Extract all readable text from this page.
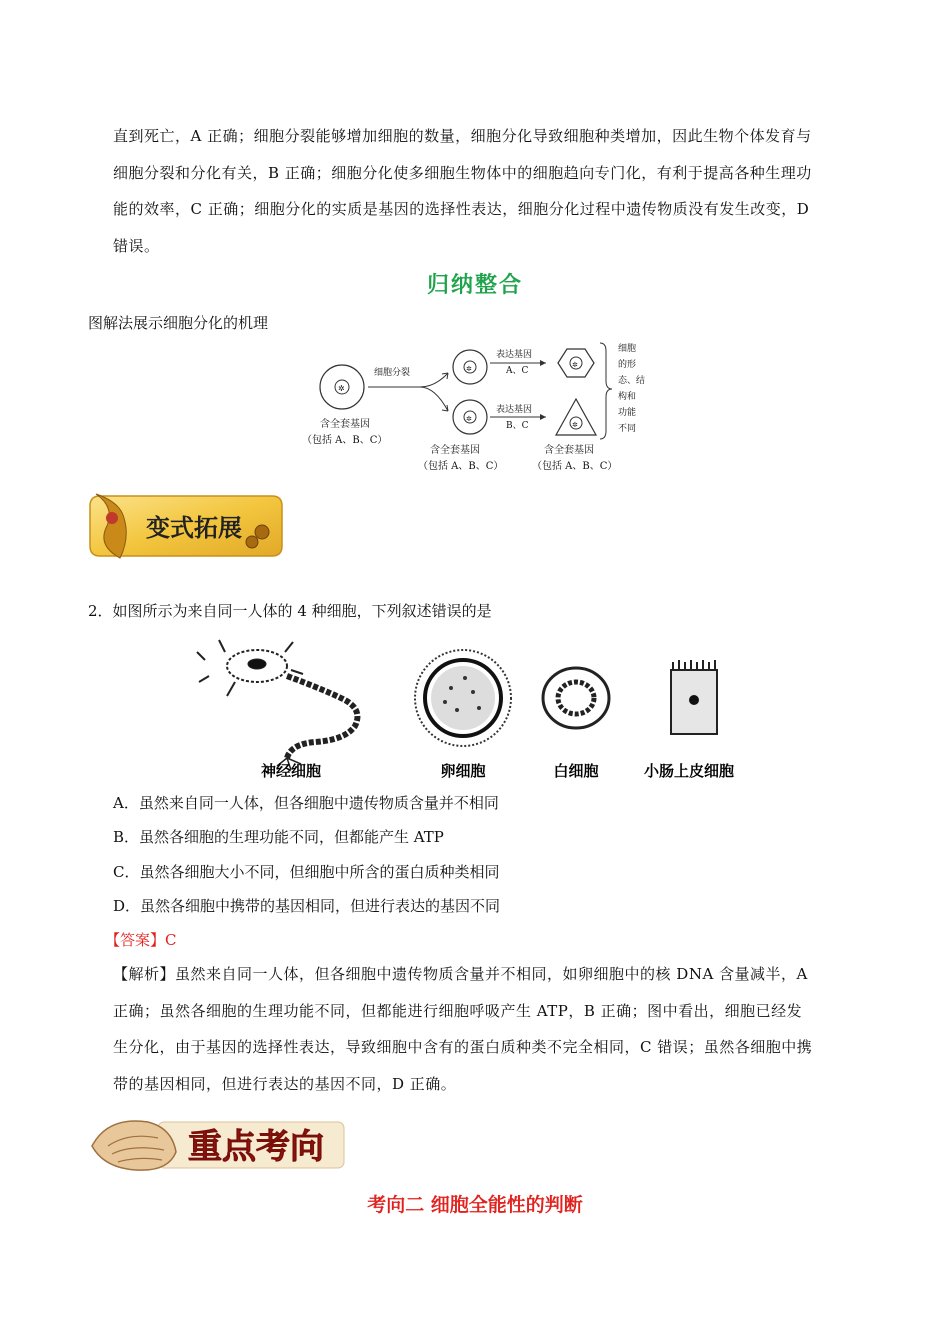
直到死亡，A 正确；细胞分裂能够增加细胞的数量，细胞分化导致细胞种类增加，因此生物个体发育与

细胞分裂和分化有关，B 正确；细胞分化使多细胞生物体中的细胞趋向专门化，有利于提高各种生理功

能的效率，C 正确；细胞分化的实质是基因的选择性表达，细胞分化过程中遗传物质没有发生改变，D

错误。

归纳整合
图解法展示细胞分化的机理
✲
含全套基因
（包括 A、B、C）
细胞分裂	✲
✲
含全套基因
（包括 A、B、C）
表达基因
A、C
表达基因
B、C
✲
✲
含全套基因
（包括 A、B、C）
细胞
的形
态、结
构和
功能
不同
变式拓展
2．如图所示为来自同一人体的 4 种细胞，下列叙述错误的是
神经细胞	卵细胞	白细胞	小肠上皮细胞
A．虽然来自同一人体，但各细胞中遗传物质含量并不相同
B．虽然各细胞的生理功能不同，但都能产生 ATP
C．虽然各细胞大小不同，但细胞中所含的蛋白质种类相同
D．虽然各细胞中携带的基因相同，但进行表达的基因不同
【答案】C

【解析】虽然来自同一人体，但各细胞中遗传物质含量并不相同，如卵细胞中的核 DNA 含量减半，A

正确；虽然各细胞的生理功能不同，但都能进行细胞呼吸产生 ATP，B 正确；图中看出，细胞已经发

生分化，由于基因的选择性表达，导致细胞中含有的蛋白质种类不完全相同，C 错误；虽然各细胞中携

带的基因相同，但进行表达的基因不同，D 正确。

重点考向
考向二 细胞全能性的判断
